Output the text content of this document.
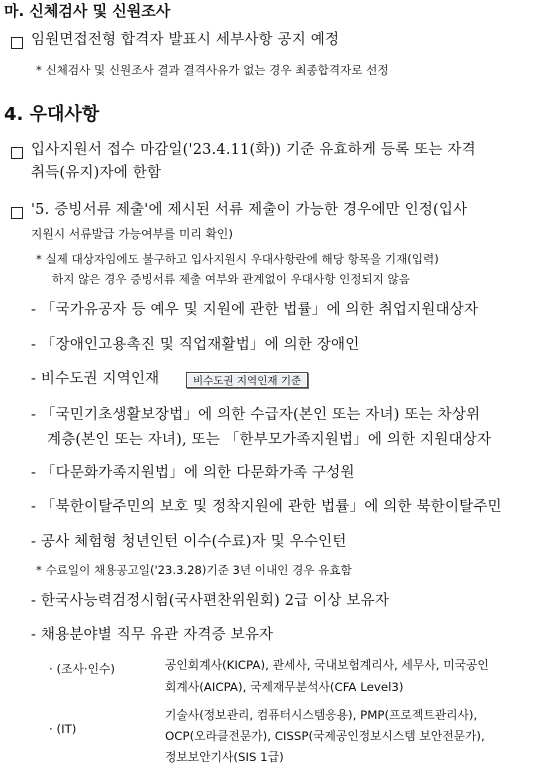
마. 신체검사 및 신원조사
임원면접전형 합격자 발표시 세부사항 공지 예정
* 신체검사 및 신원조사 결과 결격사유가 없는 경우 최종합격자로 선정
4. 우대사항
입사지원서 접수 마감일('23.4.11(화)) 기준 유효하게 등록 또는 자격
취득(유지)자에 한함
'5. 증빙서류 제출'에 제시된 서류 제출이 가능한 경우에만 인정(입사
지원시 서류발급 가능여부를 미리 확인)
* 실제 대상자임에도 불구하고 입사지원시 우대사항란에 해당 항목을 기재(입력)
하지 않은 경우 증빙서류 제출 여부와 관계없이 우대사항 인정되지 않음
- 「국가유공자 등 예우 및 지원에 관한 법률」에 의한 취업지원대상자
- 「장애인고용촉진 및 직업재활법」에 의한 장애인
- 비수도권 지역인재	비수도권 지역인재 기준
- 「국민기초생활보장법」에 의한 수급자(본인 또는 자녀) 또는 차상위
계층(본인 또는 자녀), 또는 「한부모가족지원법」에 의한 지원대상자
- 「다문화가족지원법」에 의한 다문화가족 구성원
- 「북한이탈주민의 보호 및 정착지원에 관한 법률」에 의한 북한이탈주민
- 공사 체험형 청년인턴 이수(수료)자 및 우수인턴
* 수료일이 채용공고일('23.3.28)기준 3년 이내인 경우 유효함
- 한국사능력검정시험(국사편찬위원회) 2급 이상 보유자
- 채용분야별 직무 유관 자격증 보유자
· (조사·인수)	공인회계사(KICPA), 관세사, 국내보험계리사, 세무사, 미국공인
회계사(AICPA), 국제재무분석사(CFA Level3)
· (IT)
기술사(정보관리, 컴퓨터시스템응용), PMP(프로젝트관리사),
OCP(오라클전문가), CISSP(국제공인정보시스템 보안전문가),
정보보안기사(SIS 1급)
